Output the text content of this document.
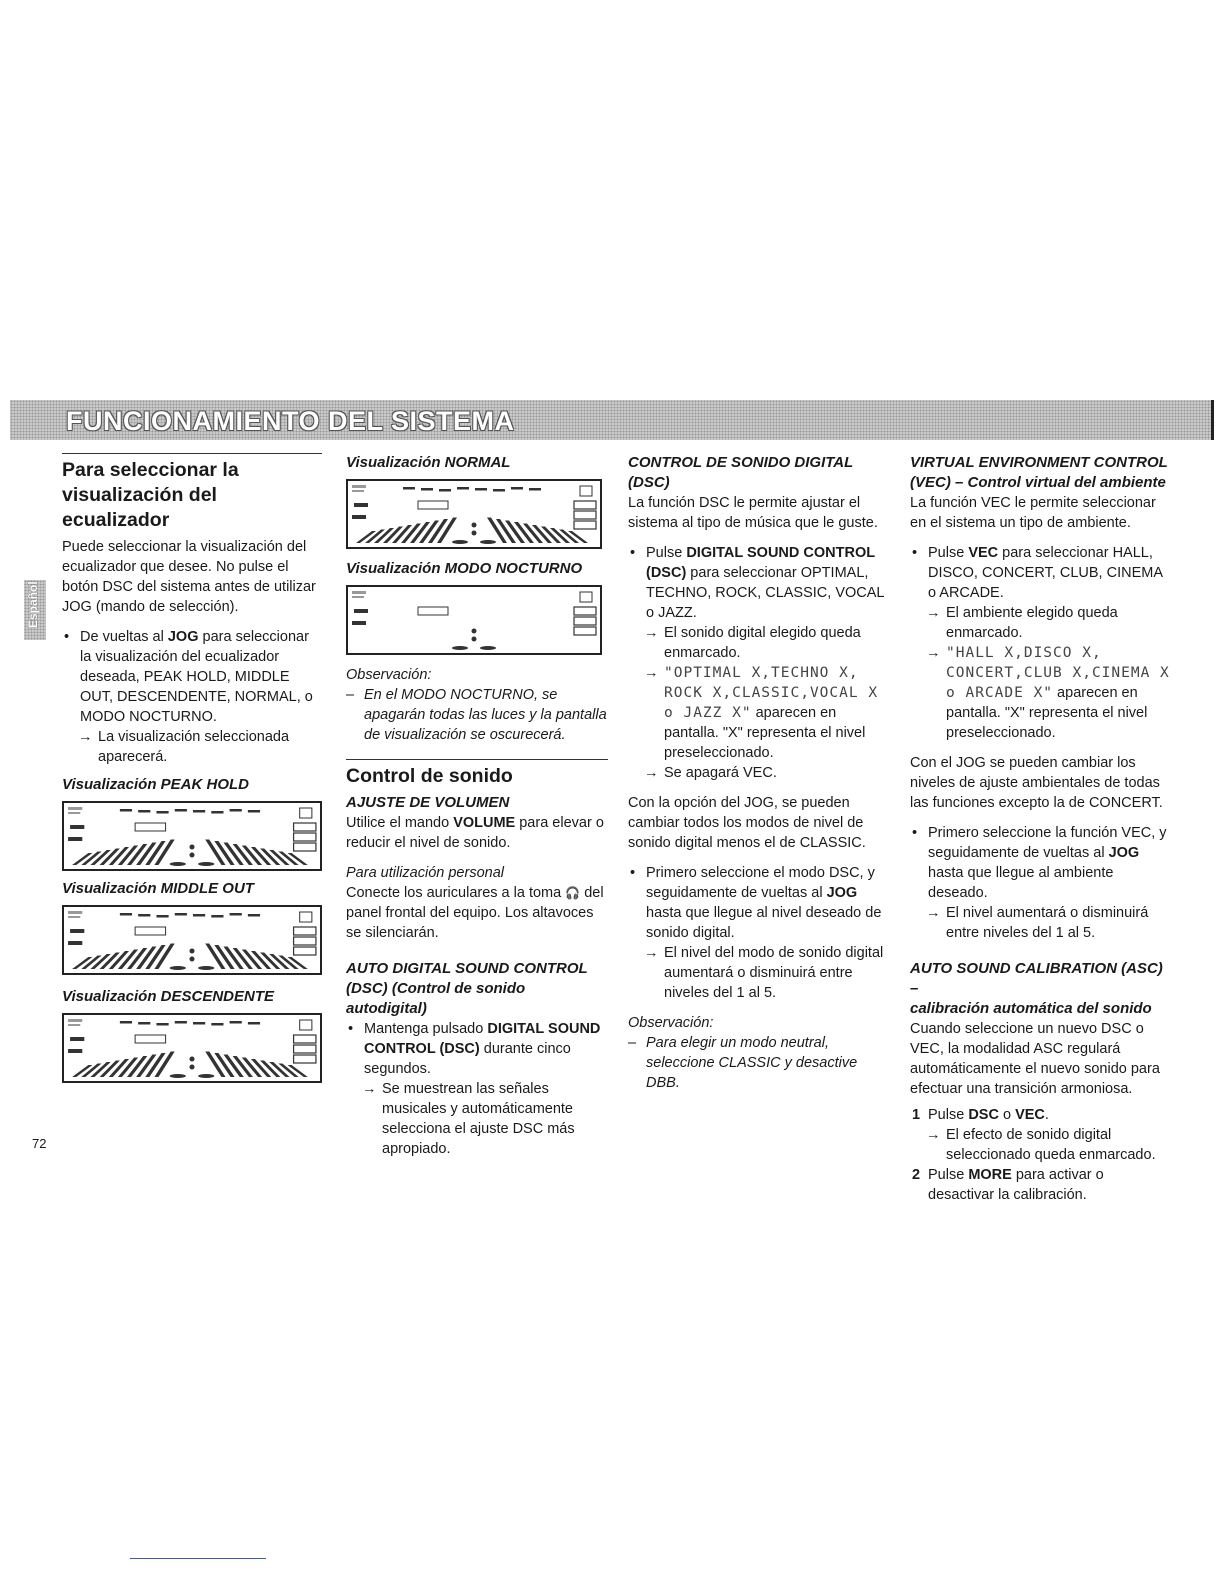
FUNCIONAMIENTO DEL SISTEMA
Español
Para seleccionar la visualización del ecualizador

Puede seleccionar la visualización del ecualizador que desee. No pulse el botón DSC del sistema antes de utilizar JOG (mando de selección).

• De vueltas al JOG para seleccionar la visualización del ecualizador deseada, PEAK HOLD, MIDDLE OUT, DESCENDENTE, NORMAL, o MODO NOCTURNO.

→ La visualización seleccionada aparecerá.

Visualización PEAK HOLD

Visualización MIDDLE OUT

Visualización DESCENDENTE

Visualización NORMAL

Visualización MODO NOCTURNO

Observación:

– En el MODO NOCTURNO, se apagarán todas las luces y la pantalla de visualización se oscurecerá.

Control de sonido

AJUSTE DE VOLUMEN

Utilice el mando VOLUME para elevar o reducir el nivel de sonido.

Para utilización personal

Conecte los auriculares a la toma 🎧 del panel frontal del equipo. Los altavoces se silenciarán.

AUTO DIGITAL SOUND CONTROL (DSC) (Control de sonido autodigital)

• Mantenga pulsado DIGITAL SOUND CONTROL (DSC) durante cinco segundos.

→ Se muestrean las señales musicales y automáticamente selecciona el ajuste DSC más apropiado.

CONTROL DE SONIDO DIGITAL (DSC)

La función DSC le permite ajustar el sistema al tipo de música que le guste.

• Pulse DIGITAL SOUND CONTROL (DSC) para seleccionar OPTIMAL, TECHNO, ROCK, CLASSIC, VOCAL o JAZZ.

→ El sonido digital elegido queda enmarcado.

→ "OPTIMAL X,TECHNO X, ROCK X,CLASSIC,VOCAL X o JAZZ X" aparecen en pantalla. "X" representa el nivel preseleccionado.

→ Se apagará VEC.

Con la opción del JOG, se pueden cambiar todos los modos de nivel de sonido digital menos el de CLASSIC.

• Primero seleccione el modo DSC, y seguidamente de vueltas al JOG hasta que llegue al nivel deseado de sonido digital.

→ El nivel del modo de sonido digital aumentará o disminuirá entre niveles del 1 al 5.

Observación:

– Para elegir un modo neutral, seleccione CLASSIC y desactive DBB.

VIRTUAL ENVIRONMENT CONTROL

(VEC) – Control virtual del ambiente

La función VEC le permite seleccionar en el sistema un tipo de ambiente.

• Pulse VEC para seleccionar HALL, DISCO, CONCERT, CLUB, CINEMA o ARCADE.

→ El ambiente elegido queda enmarcado.

→ "HALL X,DISCO X, CONCERT,CLUB X,CINEMA X o ARCADE X" aparecen en pantalla. "X" representa el nivel preseleccionado.

Con el JOG se pueden cambiar los niveles de ajuste ambientales de todas las funciones excepto la de CONCERT.

• Primero seleccione la función VEC, y seguidamente de vueltas al JOG hasta que llegue al ambiente deseado.

→ El nivel aumentará o disminuirá entre niveles del 1 al 5.

AUTO SOUND CALIBRATION (ASC) –

calibración automática del sonido

Cuando seleccione un nuevo DSC o VEC, la modalidad ASC regulará automáticamente el nuevo sonido para efectuar una transición armoniosa.

1 Pulse DSC o VEC.

→ El efecto de sonido digital seleccionado queda enmarcado.

2 Pulse MORE para activar o desactivar la calibración.

72
